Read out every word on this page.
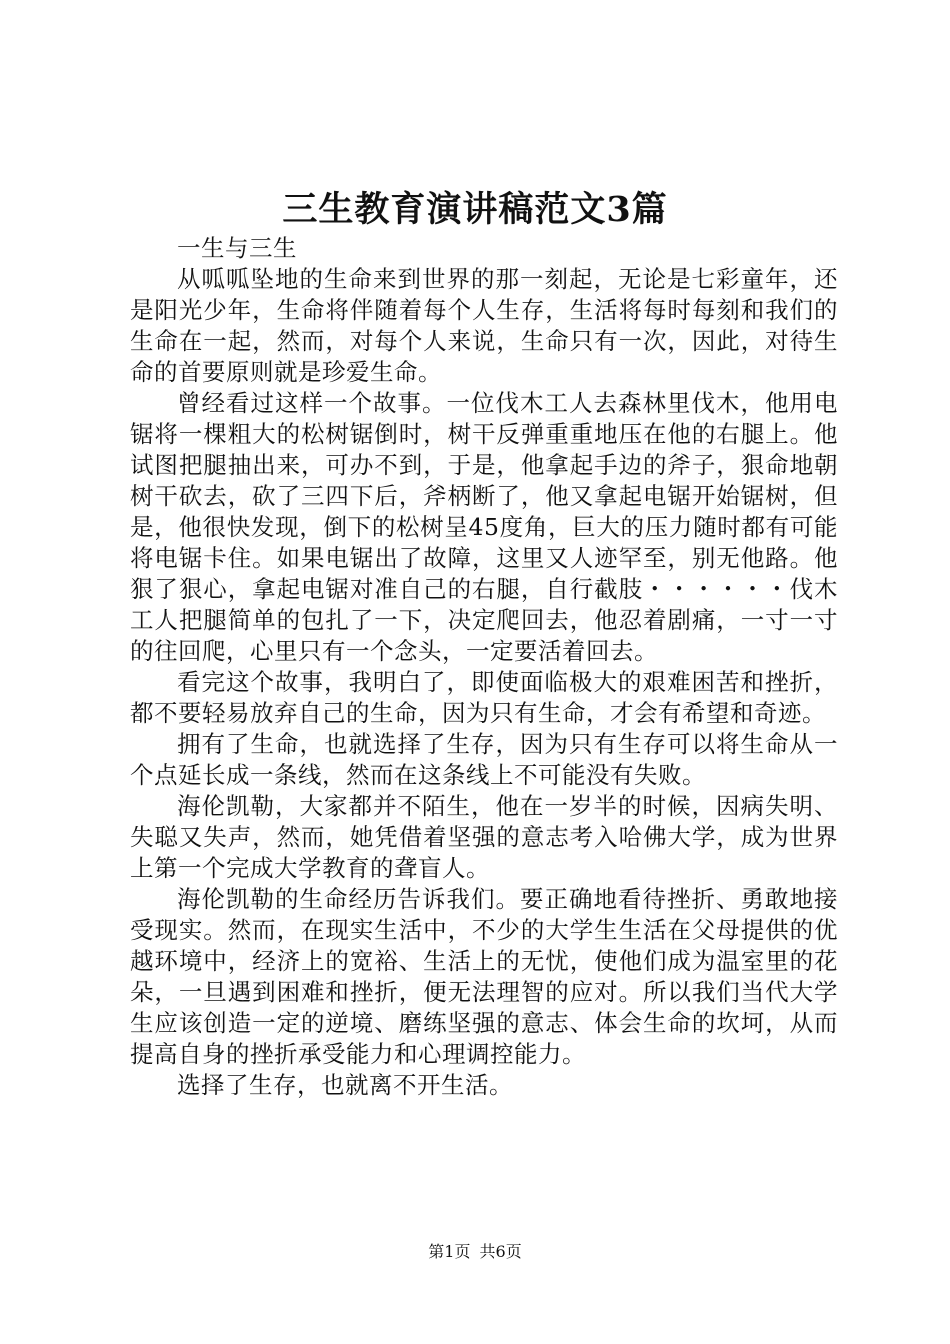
三生教育演讲稿范文3篇

一生与三生

从呱呱坠地的生命来到世界的那一刻起，无论是七彩童年，还是阳光少年，生命将伴随着每个人生存，生活将每时每刻和我们的生命在一起，然而，对每个人来说，生命只有一次，因此，对待生命的首要原则就是珍爱生命。

曾经看过这样一个故事。一位伐木工人去森林里伐木，他用电锯将一棵粗大的松树锯倒时，树干反弹重重地压在他的右腿上。他试图把腿抽出来，可办不到，于是，他拿起手边的斧子，狠命地朝树干砍去，砍了三四下后，斧柄断了，他又拿起电锯开始锯树，但是，他很快发现，倒下的松树呈45度角，巨大的压力随时都有可能将电锯卡住。如果电锯出了故障，这里又人迹罕至，别无他路。他狠了狠心，拿起电锯对准自己的右腿，自行截肢・・・・・・伐木工人把腿简单的包扎了一下，决定爬回去，他忍着剧痛，一寸一寸的往回爬，心里只有一个念头，一定要活着回去。

看完这个故事，我明白了，即使面临极大的艰难困苦和挫折，都不要轻易放弃自己的生命，因为只有生命，才会有希望和奇迹。

拥有了生命，也就选择了生存，因为只有生存可以将生命从一个点延长成一条线，然而在这条线上不可能没有失败。

海伦凯勒，大家都并不陌生，他在一岁半的时候，因病失明、失聪又失声，然而，她凭借着坚强的意志考入哈佛大学，成为世界上第一个完成大学教育的聋盲人。

海伦凯勒的生命经历告诉我们。要正确地看待挫折、勇敢地接受现实。然而，在现实生活中，不少的大学生生活在父母提供的优越环境中，经济上的宽裕、生活上的无忧，使他们成为温室里的花朵，一旦遇到困难和挫折，便无法理智的应对。所以我们当代大学生应该创造一定的逆境、磨练坚强的意志、体会生命的坎坷，从而提高自身的挫折承受能力和心理调控能力。

选择了生存，也就离不开生活。

第1页 共6页
